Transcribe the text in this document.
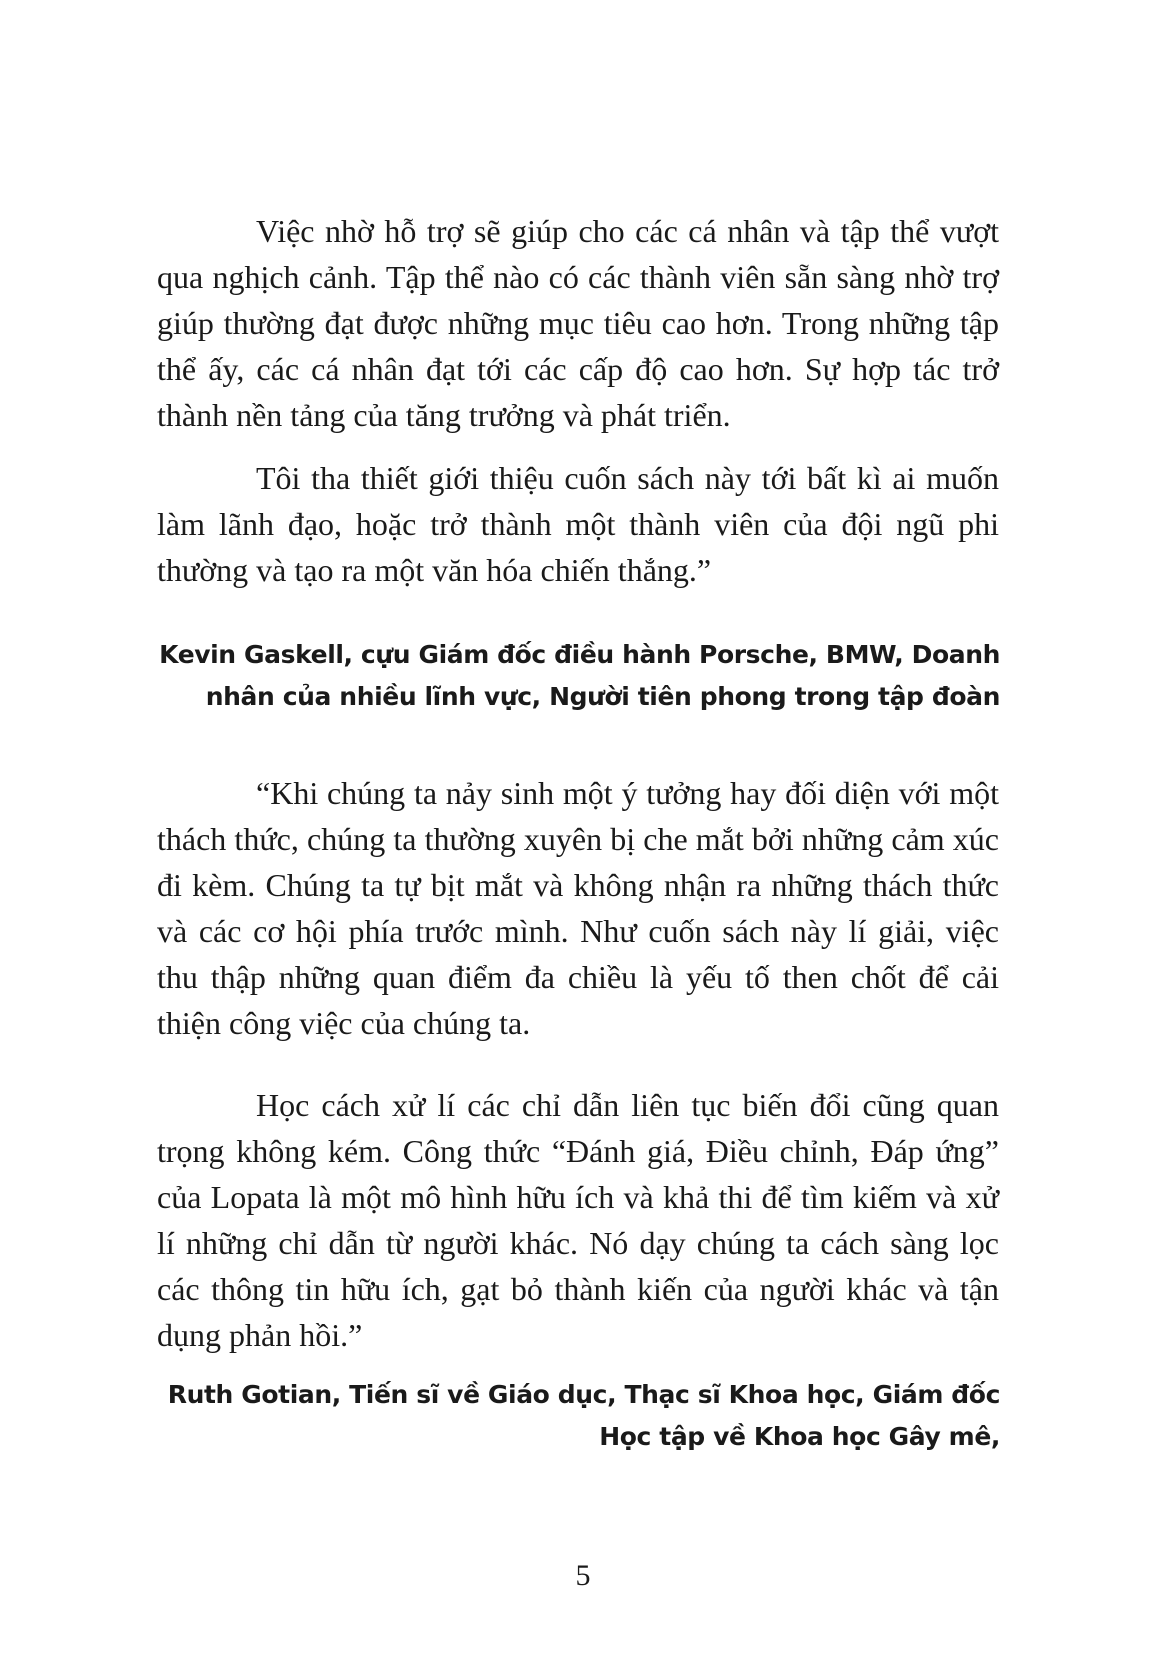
Việc nhờ hỗ trợ sẽ giúp cho các cá nhân và tập thể vượt qua nghịch cảnh. Tập thể nào có các thành viên sẵn sàng nhờ trợ giúp thường đạt được những mục tiêu cao hơn. Trong những tập thể ấy, các cá nhân đạt tới các cấp độ cao hơn. Sự hợp tác trở thành nền tảng của tăng trưởng và phát triển.

Tôi tha thiết giới thiệu cuốn sách này tới bất kì ai muốn làm lãnh đạo, hoặc trở thành một thành viên của đội ngũ phi thường và tạo ra một văn hóa chiến thắng.”

Kevin Gaskell, cựu Giám đốc điều hành Porsche, BMW, Doanh nhân của nhiều lĩnh vực, Người tiên phong trong tập đoàn

“Khi chúng ta nảy sinh một ý tưởng hay đối diện với một thách thức, chúng ta thường xuyên bị che mắt bởi những cảm xúc đi kèm. Chúng ta tự bịt mắt và không nhận ra những thách thức và các cơ hội phía trước mình. Như cuốn sách này lí giải, việc thu thập những quan điểm đa chiều là yếu tố then chốt để cải thiện công việc của chúng ta.

Học cách xử lí các chỉ dẫn liên tục biến đổi cũng quan trọng không kém. Công thức “Đánh giá, Điều chỉnh, Đáp ứng” của Lopata là một mô hình hữu ích và khả thi để tìm kiếm và xử lí những chỉ dẫn từ người khác. Nó dạy chúng ta cách sàng lọc các thông tin hữu ích, gạt bỏ thành kiến của người khác và tận dụng phản hồi.”

Ruth Gotian, Tiến sĩ về Giáo dục, Thạc sĩ Khoa học, Giám đốc Học tập về Khoa học Gây mê,
5
